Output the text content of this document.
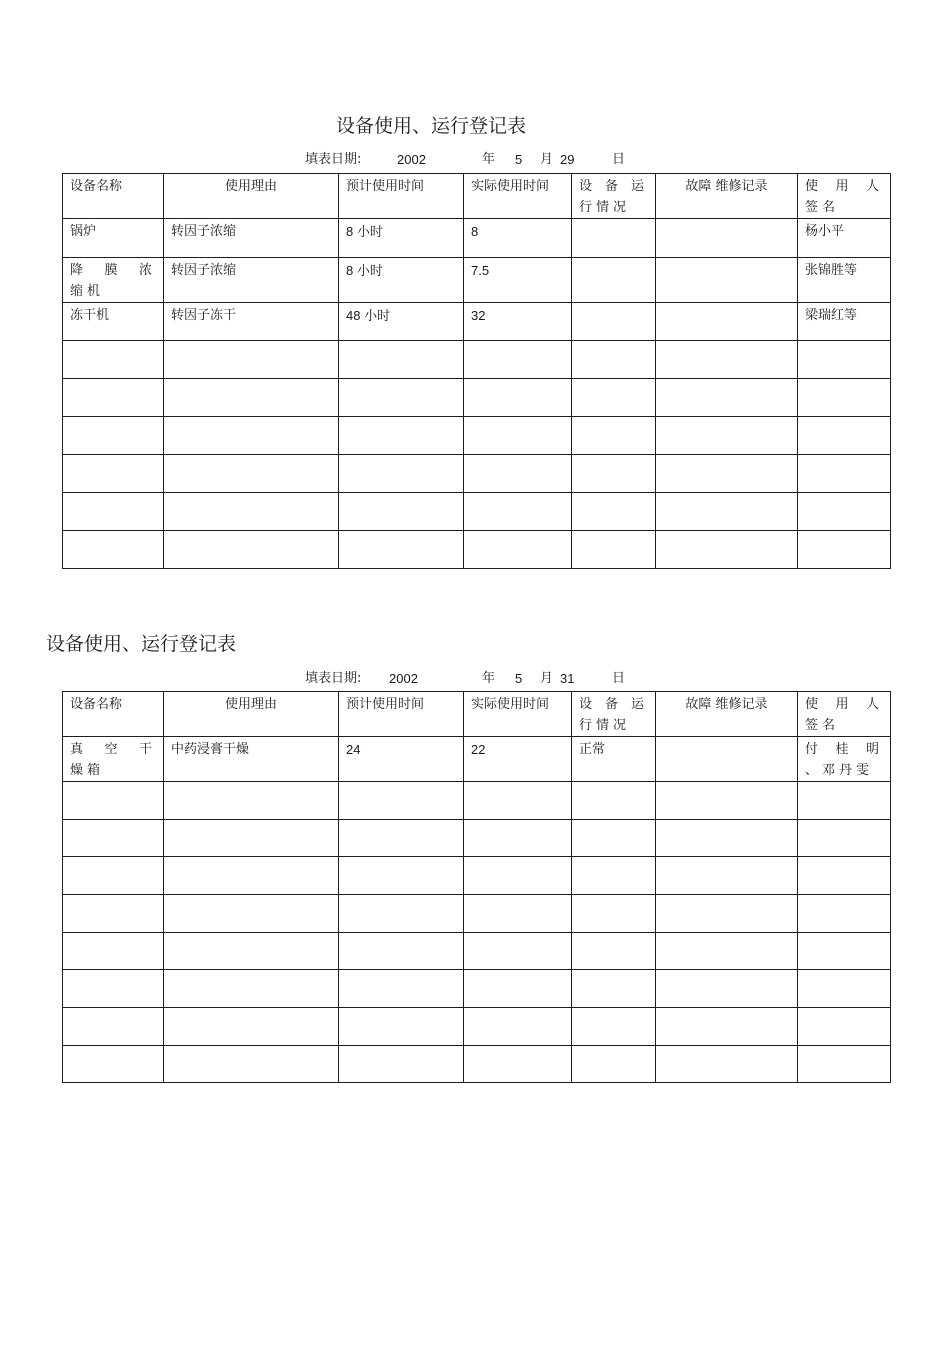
设备使用、运行登记表
填表日期:	2002	年 5 月 29	日
设备名称	使用理由	预计使用时间	实际使用时间	设 备 运行情况	故障 维修记录	使 用 人 签名
锅炉	转因子浓缩	8 小时	8			杨小平
降 膜 浓 缩机	转因子浓缩	8 小时	7.5			张锦胜等
冻干机	转因子冻干	48 小时	32			梁瑞红等

设备使用、运行登记表
填表日期: 2002	年 5 月 31	日
设备名称	使用理由	预计使用时间	实际使用时间	设 备 运行情况	故障 维修记录	使 用 人 签名
真 空 干 燥箱	中药浸膏干燥	24	22	正常		付 桂 明 、邓丹雯
